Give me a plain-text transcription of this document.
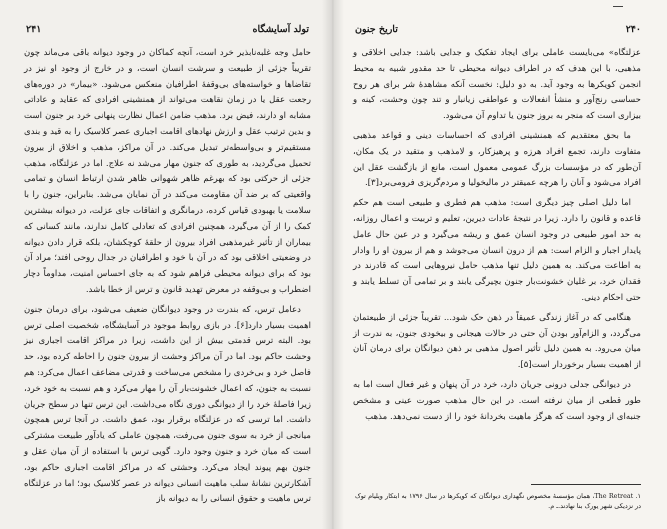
تولد آسایشگاه
۲۴۱

حامل وجه غلبه‌نابذیر خرد است، آنچه کماکان در وجود دیوانه باقی می‌ماند چون تقریباً جزئی از طبیعت و سرشت انسان است، و در خارج از وجود او نیز در تقاضاها و خواسته‌های بی‌وقفهٔ اطرافیان منعکس می‌شود. «بیمار» در دوره‌های رجعت عقل یا در زمان نقاهت می‌تواند از همنشینی افرادی که عقاید و عاداتی مشابه او دارند، فیض برد. مذهب ضامن اعمال نظارت پنهانی خرد بر جنون است و بدین ترتیب عقل و ارزش نهادهای اقامت اجباری عصر کلاسیک را به قید و بندی مستقیم‌تر و بی‌واسطه‌تر تبدیل می‌کند. در آن مراکز، مذهب و اخلاق از بیرون تحمیل می‌گردید، به طوری که جنون مهار می‌شد نه علاج. اما در عزلتگاه، مذهب جزئی از حرکتی بود که بهرغم ظاهر شهوانی ظاهر شدن ارتباط انسان و تمامی واقعیتی که بر ضد آن مقاومت می‌کند در آن نمایان می‌شد. بنابراین، جنون را با سلامت یا بهبودی قیاس کرده، درمانگری و اتفاقات جای عزلت، در دیوانه بیشترین کمک را از آن می‌گیرد، همچنین افرادی که تعادلی کامل ندارند، مانند کسانی که بیماران از تأثیر غیرمذهبی افراد بیرون از حلقهٔ کوچکشان، بلکه قرار دادن دیوانه در وضعیتی اخلاقی بود که در آن با خود و اطرافیان در جدال روحی افتد؛ مراد آن بود که برای دیوانه محیطی فراهم شود که به جای احساس امنیت، مداوماً دچار اضطراب و بی‌وقفه در معرض تهدید قانون و ترس از خطا باشد.

دعامل ترس، که بندرت در وجود دیوانگان ضعیف می‌شود، برای درمان جنون اهمیت بسیار دارد[۶]. در بازی روابط موجود در آسایشگاه، شخصیت اصلی ترس بود. البته ترس قدمتی بیش از این داشت، زیرا در مراکز اقامت اجباری نیز وحشت حاکم بود. اما در آن مراکز وحشت از بیرون جنون را احاطه کرده بود، حد فاصل خرد و بی‌خردی را مشخص می‌ساخت و قدرتی مضاعف اعمال می‌کرد: هم نسبت به جنون، که اعمال خشونت‌بار آن را مهار می‌کرد و هم نسبت به خود خرد، زیرا فاصلهٔ خرد را از دیوانگی دوری نگاه می‌داشت. این ترس تنها در سطح جریان داشت. اما ترسی که در عزلتگاه برقرار بود، عمق داشت. در آنجا ترس همچون میانجی از خرد به سوی جنون می‌رفت، همچون عاملی که یادآور طبیعت مشترکی است که میان خرد و جنون وجود دارد. گویی ترس با استفاده از آن میان عقل و جنون بهم پیوند ایجاد می‌کرد. وحشتی که در مراکز اقامت اجباری حاکم بود، آشکارترین نشانهٔ سلب ماهیت انسانی دیوانه در عصر کلاسیک بود؛ اما در عزلتگاه ترس ماهیت و حقوق انسانی را به دیوانه باز

۲۴۰
تاریخ جنون

عزلتگاه» می‌بایست عاملی برای ایجاد تفکیک و جدایی باشد: جدایی اخلاقی و مذهبی، با این هدف که در اطراف دیوانه محیطی تا حد مقدور شبیه به محیط انجمن کویکرها به وجود آید. به دو دلیل: نخست آنکه مشاهدهٔ شر برای هر روح حساسی رنج‌آور و منشأ انفعالات و عواطفی زیانبار و تند چون وحشت، کینه و بیزاری است که منجر به بروز جنون یا تداوم آن می‌شود.

ما بحق معتقدیم که همنشینی افرادی که احساسات دینی و قواعد مذهبی متفاوت دارند، تجمع افراد هرزه و پرهیزکار، و لامذهب و متقید در یک مکان، آن‌طور که در مؤسسات بزرگ عمومی معمول است، مانع از بازگشت عقل این افراد می‌شود و آنان را هرچه عمیقتر در مالیخولیا و مردم‌گریزی فرومی‌برد[۳].

اما دلیل اصلی چیز دیگری است: مذهب هم فطری و طبیعی است هم حکم قاعده و قانون را دارد. زیرا در نتیجهٔ عادات دیرین، تعلیم و تربیت و اعمال روزانه، به حد امور طبیعی در وجود انسان عمق و ریشه می‌گیرد و در عین حال عامل پایدار اجبار و الزام است: هم از درون انسان می‌جوشد و هم از بیرون او را وادار به اطاعت می‌کند. به همین دلیل تنها مذهب حامل نیروهایی است که قادرند در فقدان خرد، بر غلیان خشونت‌بار جنون بچیرگی یابند و بر تمامی آن تسلط یابند و حتی احکام دینی.

هنگامی که در آغاز زندگی عمیقاً در ذهن حک شود... تقریباً جزئی از طبیعتمان می‌گردد، و الزام‌آور بودن آن حتی در حالات هیجانی و بیخودی جنون، به ندرت از میان می‌رود. به همین دلیل تأثیر اصول مذهبی بر ذهن دیوانگان برای درمان آنان از اهمیت بسیار برخوردار است[۵].

در دیوانگی جدلی درونی جریان دارد، خرد در آن پنهان و غیر فعال است اما به طور قطعی از میان نرفته است. در این حال مذهب صورت عینی و مشخص جنبه‌ای از وجود است که هرگز ماهیت بخردانهٔ خود را از دست نمی‌دهد. مذهب

۱. The Retreat، همان مؤسسهٔ مخصوص نگهداری دیوانگان که کویکرها در سال ۱۷۹۶ به ابتکار ویلیام توک در نزدیکی شهر یورک بنا نهادند.ـ م.
